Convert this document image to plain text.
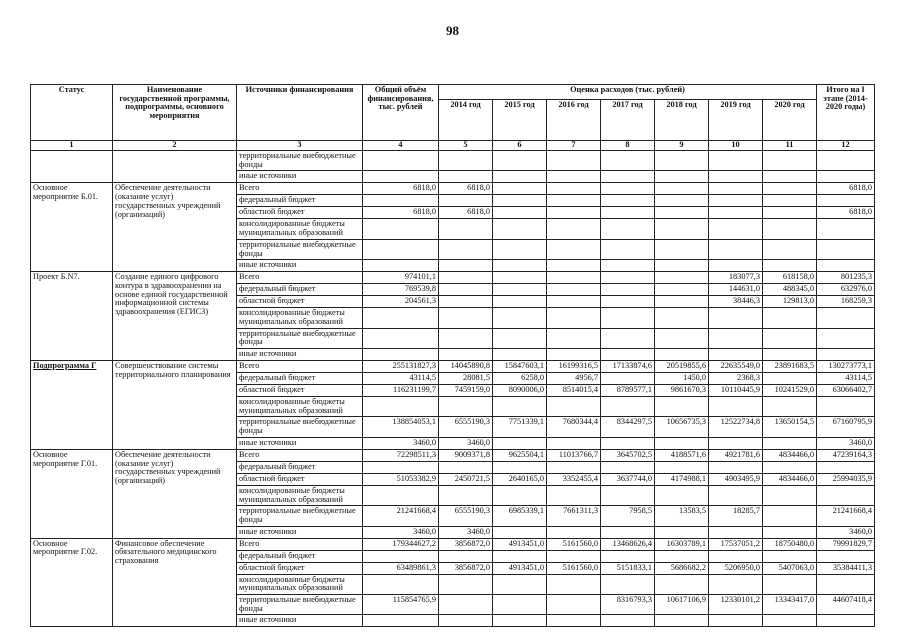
98
Статус	Наименование государственной программы, подпрограммы, основного мероприятия	Источники финансирования	Общий объём финансирования, тыс. рублей	Оценка расходов (тыс. рублей)							Итого на I этапе (2014-2020 годы)
				2014 год	2015 год	2016 год	2017 год	2018 год	2019 год	2020 год	
1	2	3	4	5	6	7	8	9	10	11	12
		территориальные внебюджетные фонды									
		иные источники									
Основное мероприятие Б.01.	Обеспечение деятельности (оказание услуг) государственных учреждений (организаций)	Всего	6818,0	6818,0							6818,0
		федеральный бюджет									
		областной бюджет	6818,0	6818,0							6818,0
		консолидированные бюджеты муниципальных образований									
		территориальные внебюджетные фонды									
		иные источники									
Проект Б.N7.	Создание единого цифрового контура в здравоохранении на основе единой государственной информационной системы здравоохранения (ЕГИСЗ)	Всего	974101,1						183077,3	618158,0	801235,3
		федеральный бюджет	769539,8						144631,0	488345,0	632976,0
		областной бюджет	204561,3						38446,3	129813,0	168259,3
		консолидированные бюджеты муниципальных образований									
		территориальные внебюджетные фонды									
		иные источники									
Подпрограмма Г	Совершенствование системы территориального планирования	Всего	255131827,3	14045890,8	15847603,1	16199316,5	17133874,6	20519855,6	22635549,0	23891683,5	130273773,1
		федеральный бюджет	43114,5	28081,5	6258,0	4956,7		1450,0	2368,3		43114,5
		областной бюджет	116231199,7	7459159,0	8090006,0	8514015,4	8789577,1	9861670,3	10110445,9	10241529,0	63066402,7
		консолидированные бюджеты муниципальных образований									
		территориальные внебюджетные фонды	138854053,1	6555190,3	7751339,1	7680344,4	8344297,5	10656735,3	12522734,8	13650154,5	67160795,9
		иные источники	3460,0	3460,0							3460,0
Основное мероприятие Г.01.	Обеспечение деятельности (оказание услуг) государственных учреждений (организаций)	Всего	72298511,3	9009371,8	9625504,1	11013766,7	3645702,5	4188571,6	4921781,6	4834466,0	47239164,3
		федеральный бюджет									
		областной бюджет	51053382,9	2450721,5	2640165,0	3352455,4	3637744,0	4174988,1	4903495,9	4834466,0	25994035,9
		консолидированные бюджеты муниципальных образований									
		территориальные внебюджетные фонды	21241668,4	6555190,3	6985339,1	7661311,3	7958,5	13583,5	18285,7		21241668,4
		иные источники	3460,0	3460,0							3460,0
Основное мероприятие Г.02.	Финансовое обеспечение обязательного медицинского страхования	Всего	179344627,2	3856872,0	4913451,0	5161560,0	13468626,4	16303789,1	17537051,2	18750480,0	79991829,7
		федеральный бюджет									
		областной бюджет	63489861,3	3856872,0	4913451,0	5161560,0	5151833,1	5686682,2	5206950,0	5407063,0	35384411,3
		консолидированные бюджеты муниципальных образований									
		территориальные внебюджетные фонды	115854765,9				8316793,3	10617106,9	12330101,2	13343417,0	44607418,4
		иные источники									
